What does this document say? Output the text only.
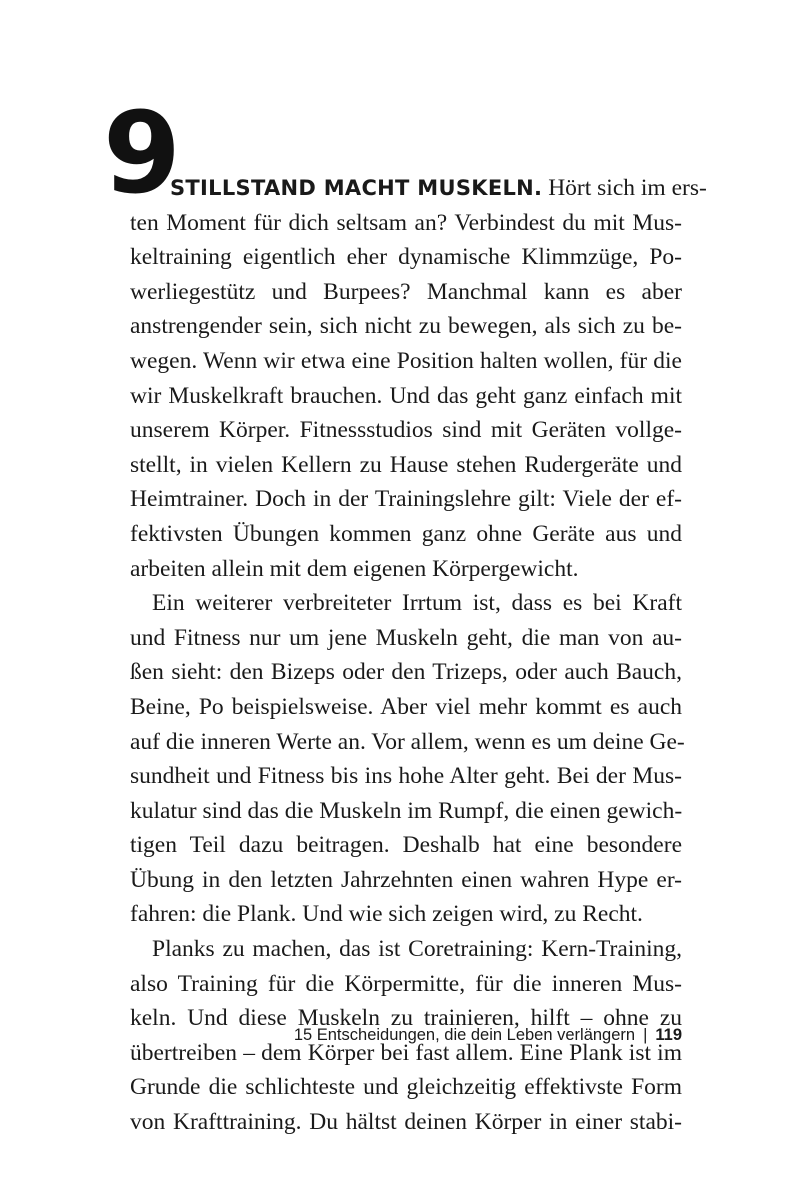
9
STILLSTAND MACHT MUSKELN. Hört sich im ers-
ten Moment für dich seltsam an? Verbindest du mit Mus-
keltraining eigentlich eher dynamische Klimmzüge, Po-
werliegestütz und Burpees? Manchmal kann es aber
anstrengender sein, sich nicht zu bewegen, als sich zu be-
wegen. Wenn wir etwa eine Position halten wollen, für die
wir Muskelkraft brauchen. Und das geht ganz einfach mit
unserem Körper. Fitnessstudios sind mit Geräten vollge-
stellt, in vielen Kellern zu Hause stehen Rudergeräte und
Heimtrainer. Doch in der Trainingslehre gilt: Viele der ef-
fektivsten Übungen kommen ganz ohne Geräte aus und
arbeiten allein mit dem eigenen Körpergewicht.
Ein weiterer verbreiteter Irrtum ist, dass es bei Kraft
und Fitness nur um jene Muskeln geht, die man von au-
ßen sieht: den Bizeps oder den Trizeps, oder auch Bauch,
Beine, Po beispielsweise. Aber viel mehr kommt es auch
auf die inneren Werte an. Vor allem, wenn es um deine Ge-
sundheit und Fitness bis ins hohe Alter geht. Bei der Mus-
kulatur sind das die Muskeln im Rumpf, die einen gewich-
tigen Teil dazu beitragen. Deshalb hat eine besondere
Übung in den letzten Jahrzehnten einen wahren Hype er-
fahren: die Plank. Und wie sich zeigen wird, zu Recht.
Planks zu machen, das ist Coretraining: Kern-Training,
also Training für die Körpermitte, für die inneren Mus-
keln. Und diese Muskeln zu trainieren, hilft – ohne zu
übertreiben – dem Körper bei fast allem. Eine Plank ist im
Grunde die schlichteste und gleichzeitig effektivste Form
von Krafttraining. Du hältst deinen Körper in einer stabi-
15 Entscheidungen, die dein Leben verlängern | 119
